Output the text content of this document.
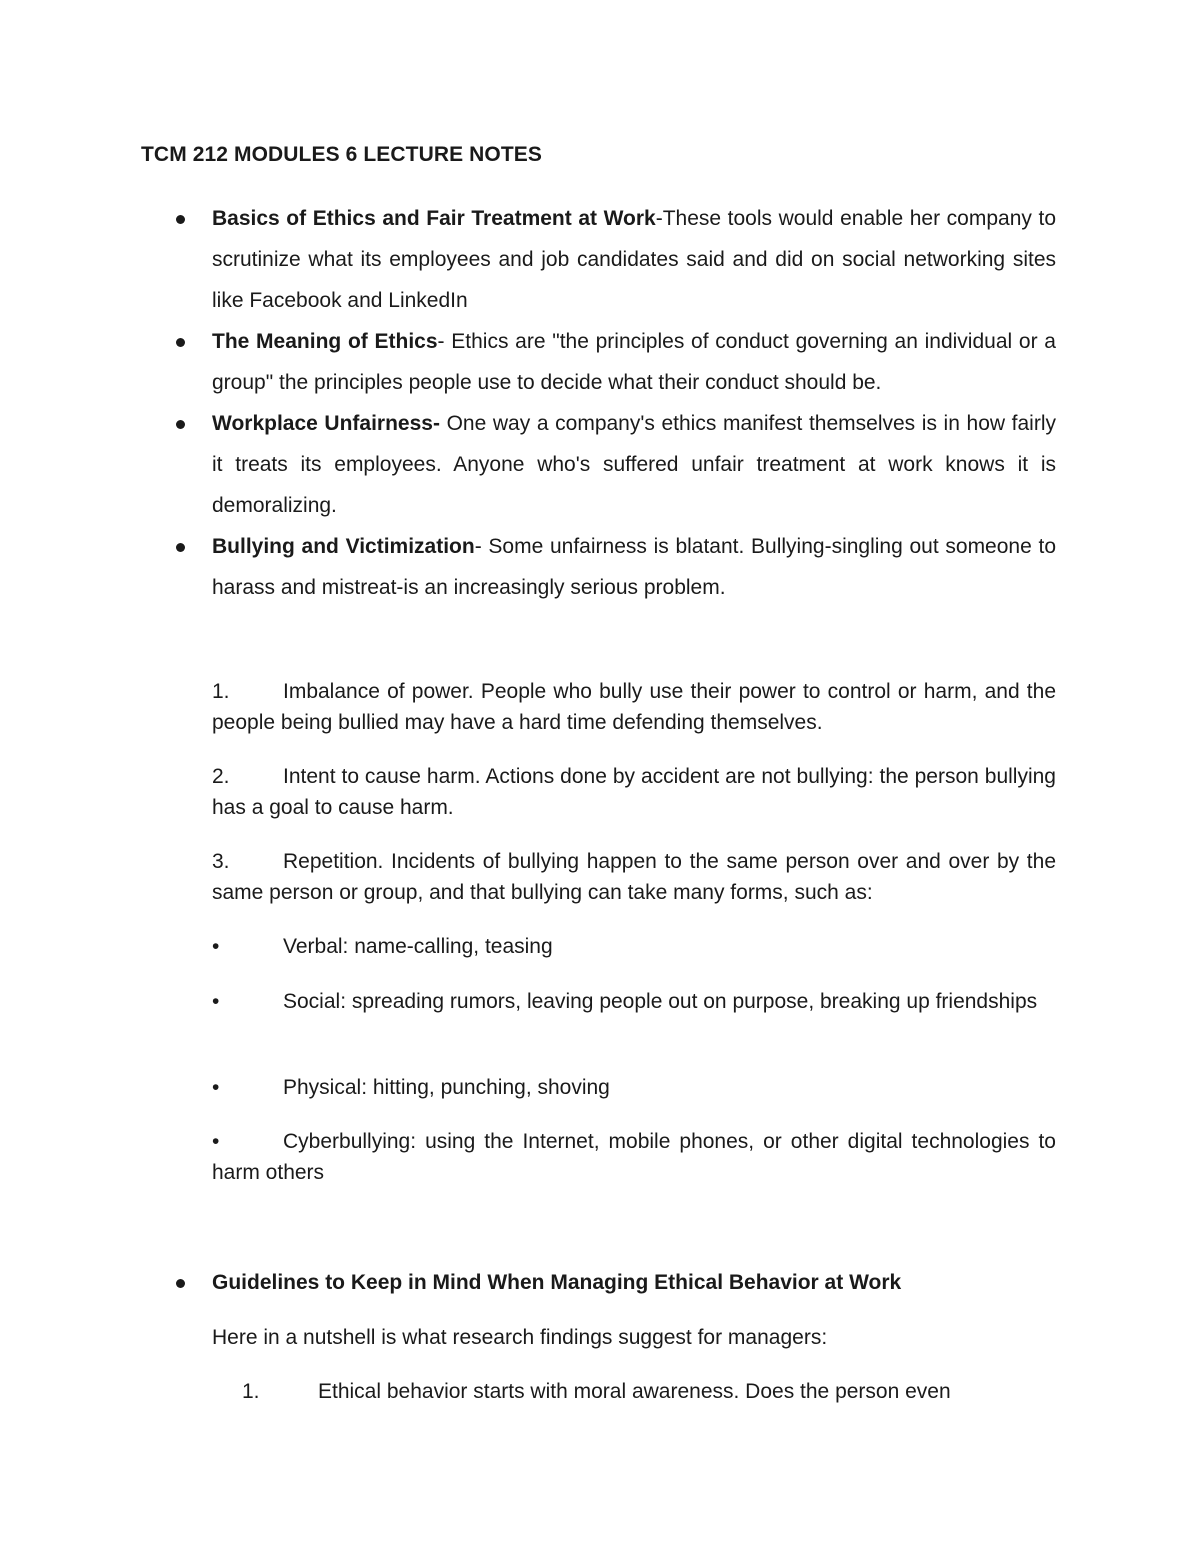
TCM 212 MODULES 6 LECTURE NOTES
Basics of Ethics and Fair Treatment at Work-These tools would enable her company to scrutinize what its employees and job candidates said and did on social networking sites like Facebook and LinkedIn
The Meaning of Ethics- Ethics are "the principles of conduct governing an individual or a group" the principles people use to decide what their conduct should be.
Workplace Unfairness- One way a company's ethics manifest themselves is in how fairly it treats its employees. Anyone who's suffered unfair treatment at work knows it is demoralizing.
Bullying and Victimization- Some unfairness is blatant. Bullying-singling out someone to harass and mistreat-is an increasingly serious problem.

1.	Imbalance of power. People who bully use their power to control or harm, and the people being bullied may have a hard time defending themselves.

2.	Intent to cause harm. Actions done by accident are not bullying: the person bullying has a goal to cause harm.

3.	Repetition. Incidents of bullying happen to the same person over and over by the same person or group, and that bullying can take many forms, such as:

•	Verbal: name-calling, teasing

•	Social: spreading rumors, leaving people out on purpose, breaking up friendships

•	Physical: hitting, punching, shoving

•	Cyberbullying: using the Internet, mobile phones, or other digital technologies to harm others

Guidelines to Keep in Mind When Managing Ethical Behavior at Work

Here in a nutshell is what research findings suggest for managers:

1.	Ethical behavior starts with moral awareness. Does the person even
